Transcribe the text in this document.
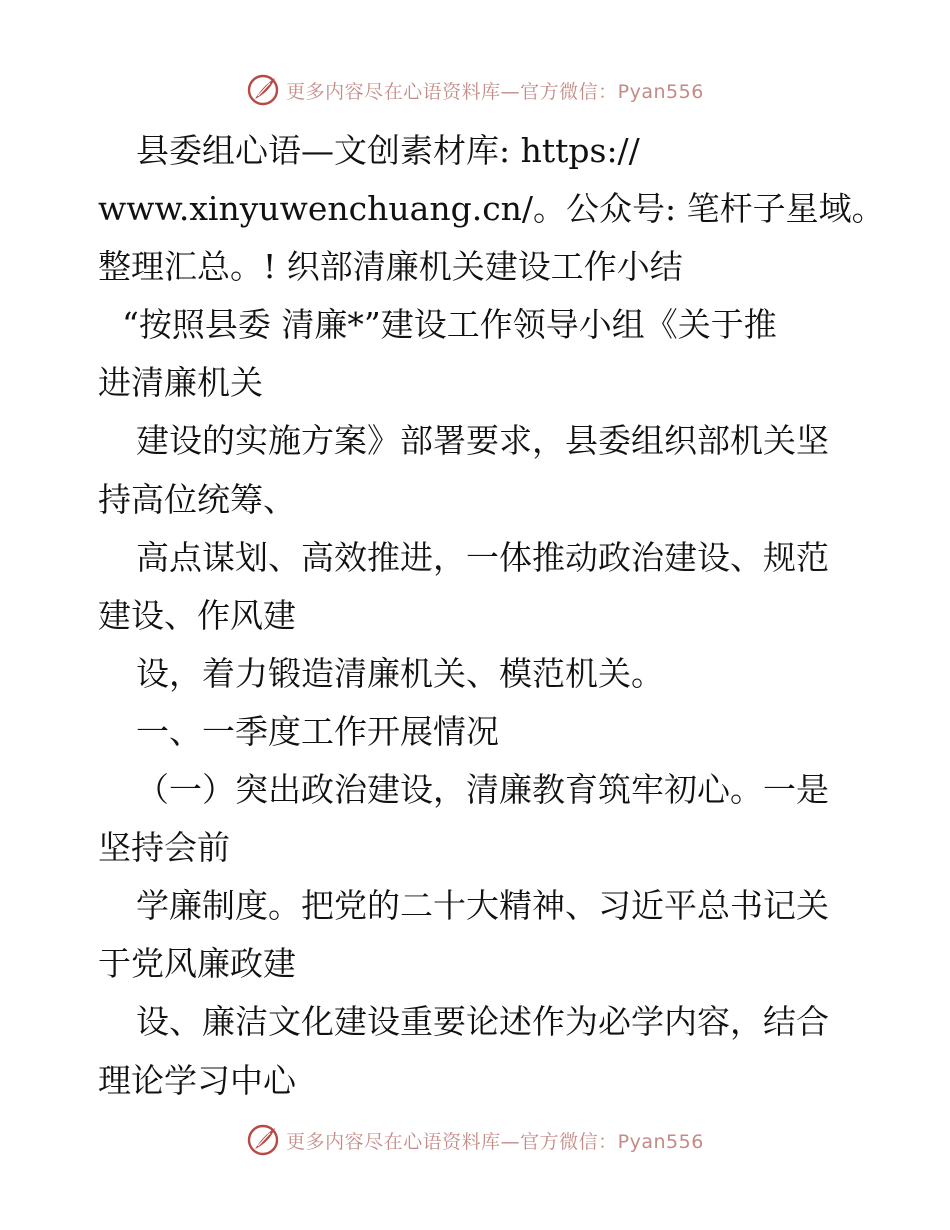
更多内容尽在心语资料库—官方微信：Pyan556
县委组心语—文创素材库: https://
www.xinyuwenchuang.cn/。公众号: 笔杆子星域。
整理汇总。! 织部清廉机关建设工作小结
“按照县委 清廉*”建设工作领导小组《关于推
进清廉机关
建设的实施方案》部署要求，县委组织部机关坚
持高位统筹、
高点谋划、高效推进，一体推动政治建设、规范
建设、作风建
设，着力锻造清廉机关、模范机关。
一、一季度工作开展情况
（一）突出政治建设，清廉教育筑牢初心。一是
坚持会前
学廉制度。把党的二十大精神、习近平总书记关
于党风廉政建
设、廉洁文化建设重要论述作为必学内容，结合
理论学习中心
更多内容尽在心语资料库—官方微信：Pyan556
